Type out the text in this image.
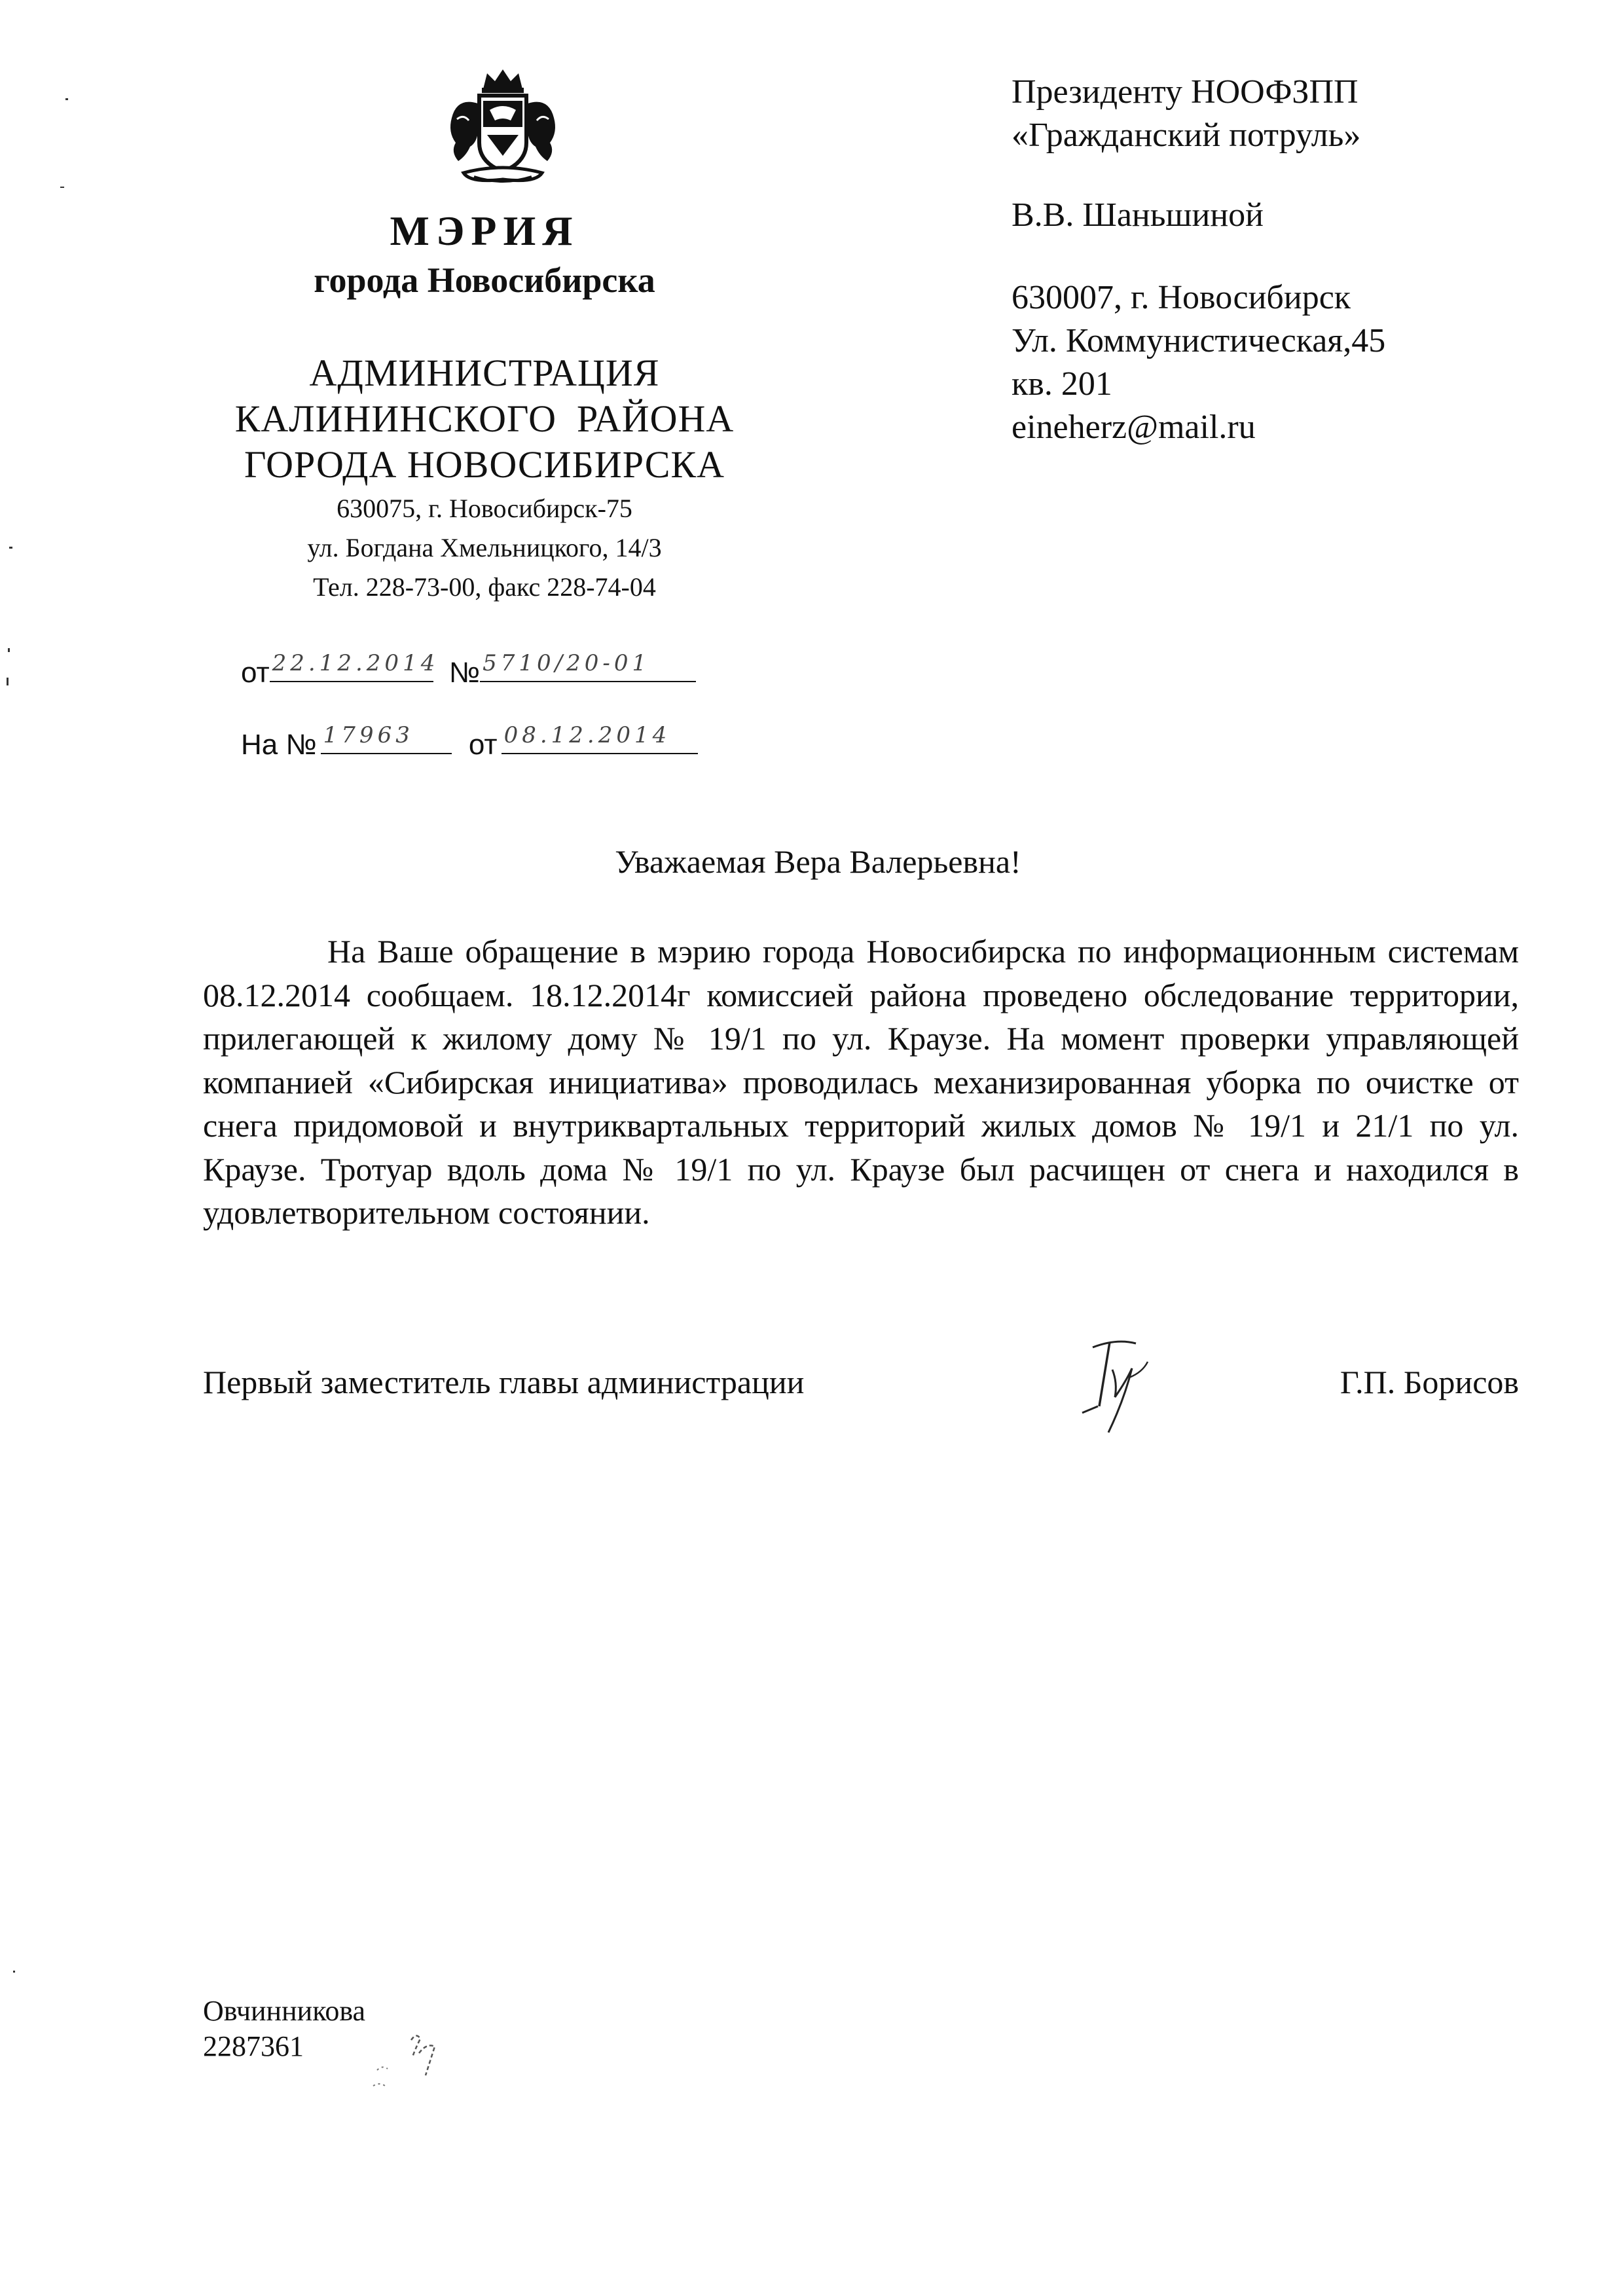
МЭРИЯ
города Новосибирска
АДМИНИСТРАЦИЯ
КАЛИНИНСКОГО  РАЙОНА
ГОРОДА НОВОСИБИРСКА
630075, г. Новосибирск-75
ул. Богдана Хмельницкого, 14/3
Тел. 228-73-00, факс 228-74-04
от 22.12.2014 № 5710/20-01
На № 17963 от 08.12.2014
Президенту НООФЗПП
«Гражданский потруль»
В.В. Шаньшиной
630007, г. Новосибирск
Ул. Коммунистическая,45
кв. 201
eineherz@mail.ru
Уважаемая Вера Валерьевна!
На Ваше обращение в мэрию города Новосибирска по информационным системам 08.12.2014 сообщаем. 18.12.2014г комиссией района проведено обследование территории, прилегающей к жилому дому № 19/1 по ул. Краузе. На момент проверки управляющей компанией «Сибирская инициатива» проводилась механизированная уборка по очистке от снега придомовой и внутриквартальных территорий жилых домов № 19/1 и 21/1 по ул. Краузе. Тротуар вдоль дома № 19/1 по ул. Краузе был расчищен от снега и находился в удовлетворительном состоянии.
Первый заместитель главы администрации	Г.П. Борисов
Овчинникова
2287361
